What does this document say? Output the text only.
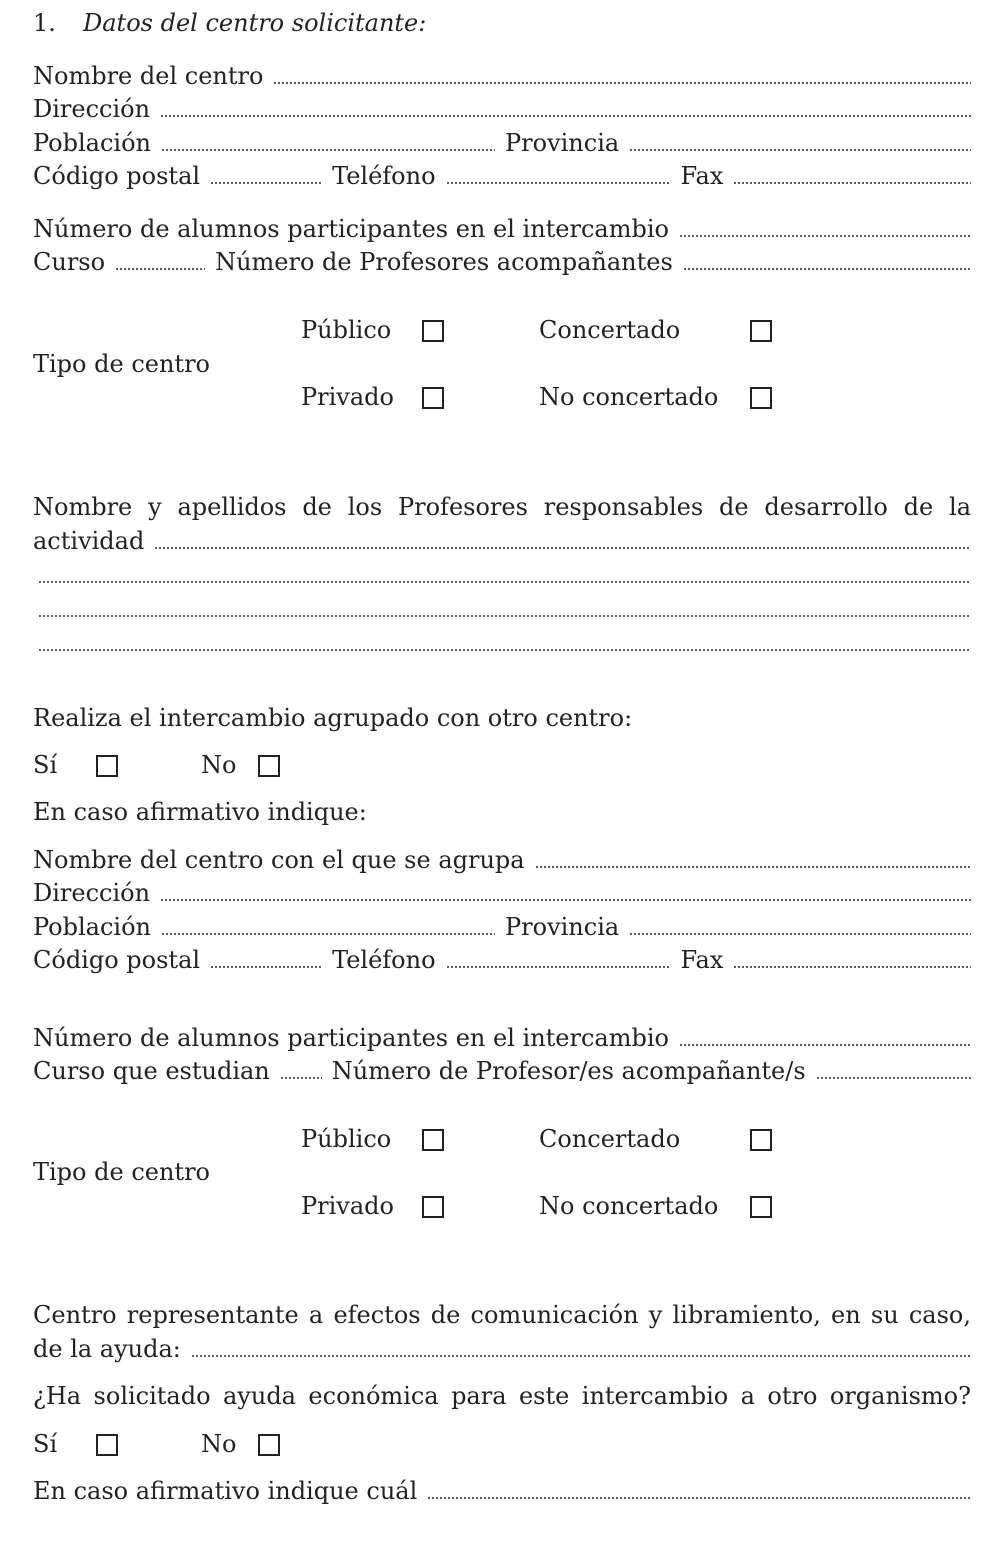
1. Datos del centro solicitante:
Nombre del centro
Dirección
Población	Provincia
Código postal	Teléfono	Fax
Número de alumnos participantes en el intercambio
Curso	Número de Profesores acompañantes
Público	Concertado
Tipo de centro
Privado	No concertado
Nombre y apellidos de los Profesores responsables de desarrollo de la
actividad
Realiza el intercambio agrupado con otro centro:
Sí	No
En caso afirmativo indique:
Nombre del centro con el que se agrupa
Dirección
Población	Provincia
Código postal	Teléfono	Fax
Número de alumnos participantes en el intercambio
Curso que estudian	Número de Profesor/es acompañante/s
Público	Concertado
Tipo de centro
Privado	No concertado
Centro representante a efectos de comunicación y libramiento, en su caso,
de la ayuda:
¿Ha solicitado ayuda económica para este intercambio a otro organismo?
Sí	No
En caso afirmativo indique cuál
